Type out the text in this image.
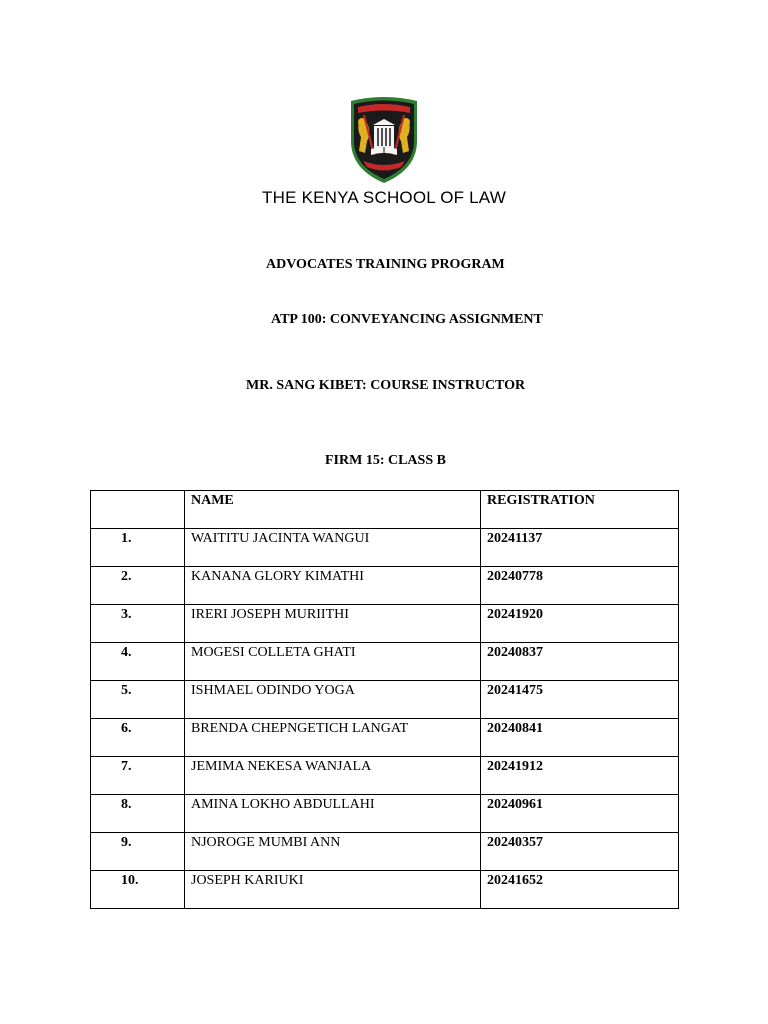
THE KENYA SCHOOL OF LAW
ADVOCATES TRAINING PROGRAM
ATP 100: CONVEYANCING ASSIGNMENT
MR. SANG KIBET: COURSE INSTRUCTOR
FIRM 15: CLASS B

	NAME	REGISTRATION

1.	WAITITU JACINTA WANGUI	20241137

2.	KANANA GLORY KIMATHI	20240778

3.	IRERI JOSEPH MURIITHI	20241920

4.	MOGESI COLLETA GHATI	20240837

5.	ISHMAEL ODINDO YOGA	20241475

6.	BRENDA CHEPNGETICH LANGAT	20240841

7.	JEMIMA NEKESA WANJALA	20241912

8.	AMINA LOKHO ABDULLAHI	20240961

9.	NJOROGE MUMBI ANN	20240357

10.	JOSEPH KARIUKI	20241652
